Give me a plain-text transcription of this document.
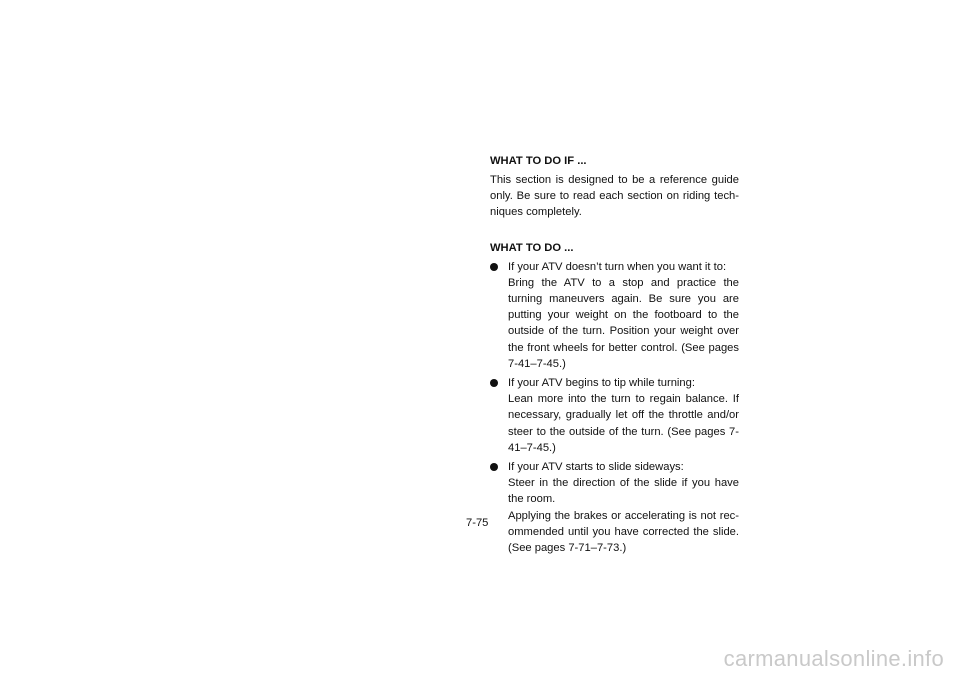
WHAT TO DO IF ...

This section is designed to be a reference guide only. Be sure to read each section on riding tech-niques completely.

WHAT TO DO ...

If your ATV doesn’t turn when you want it to:
Bring the ATV to a stop and practice the turning maneuvers again. Be sure you are putting your weight on the footboard to the outside of the turn. Position your weight over the front wheels for better control. (See pages 7-41–7-45.)
If your ATV begins to tip while turning:
Lean more into the turn to regain balance. If necessary, gradually let off the throttle and/or steer to the outside of the turn. (See pages 7-41–7-45.)
If your ATV starts to slide sideways:
Steer in the direction of the slide if you have the room.
Applying the brakes or accelerating is not rec-ommended until you have corrected the slide. (See pages 7-71–7-73.)
7-75
carmanualsonline.info
